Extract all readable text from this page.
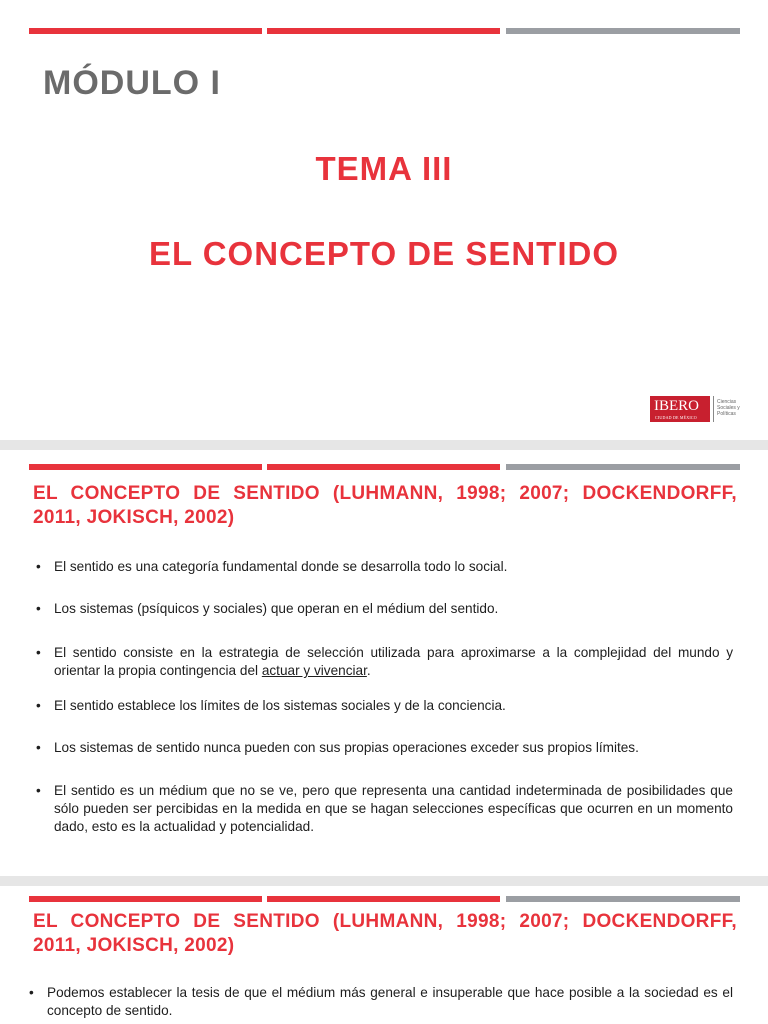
MÓDULO I
TEMA III
EL CONCEPTO DE SENTIDO
IBERO
CIUDAD DE MÉXICO
Ciencias Sociales y Políticas
EL CONCEPTO DE SENTIDO (LUHMANN, 1998; 2007; DOCKENDORFF, 2011, JOKISCH, 2002)
• El sentido es una categoría fundamental donde se desarrolla todo lo social.
• Los sistemas (psíquicos y sociales) que operan en el médium del sentido.
• El sentido consiste en la estrategia de selección utilizada para aproximarse a la complejidad del mundo y orientar la propia contingencia del actuar y vivenciar.
• El sentido establece los límites de los sistemas sociales y de la conciencia.
• Los sistemas de sentido nunca pueden con sus propias operaciones exceder sus propios límites.
• El sentido es un médium que no se ve, pero que representa una cantidad indeterminada de posibilidades que sólo pueden ser percibidas en la medida en que se hagan selecciones específicas que ocurren en un momento dado, esto es la actualidad y potencialidad.
EL CONCEPTO DE SENTIDO (LUHMANN, 1998; 2007; DOCKENDORFF, 2011, JOKISCH, 2002)
• Podemos establecer la tesis de que el médium más general e insuperable que hace posible a la sociedad es el concepto de sentido.
